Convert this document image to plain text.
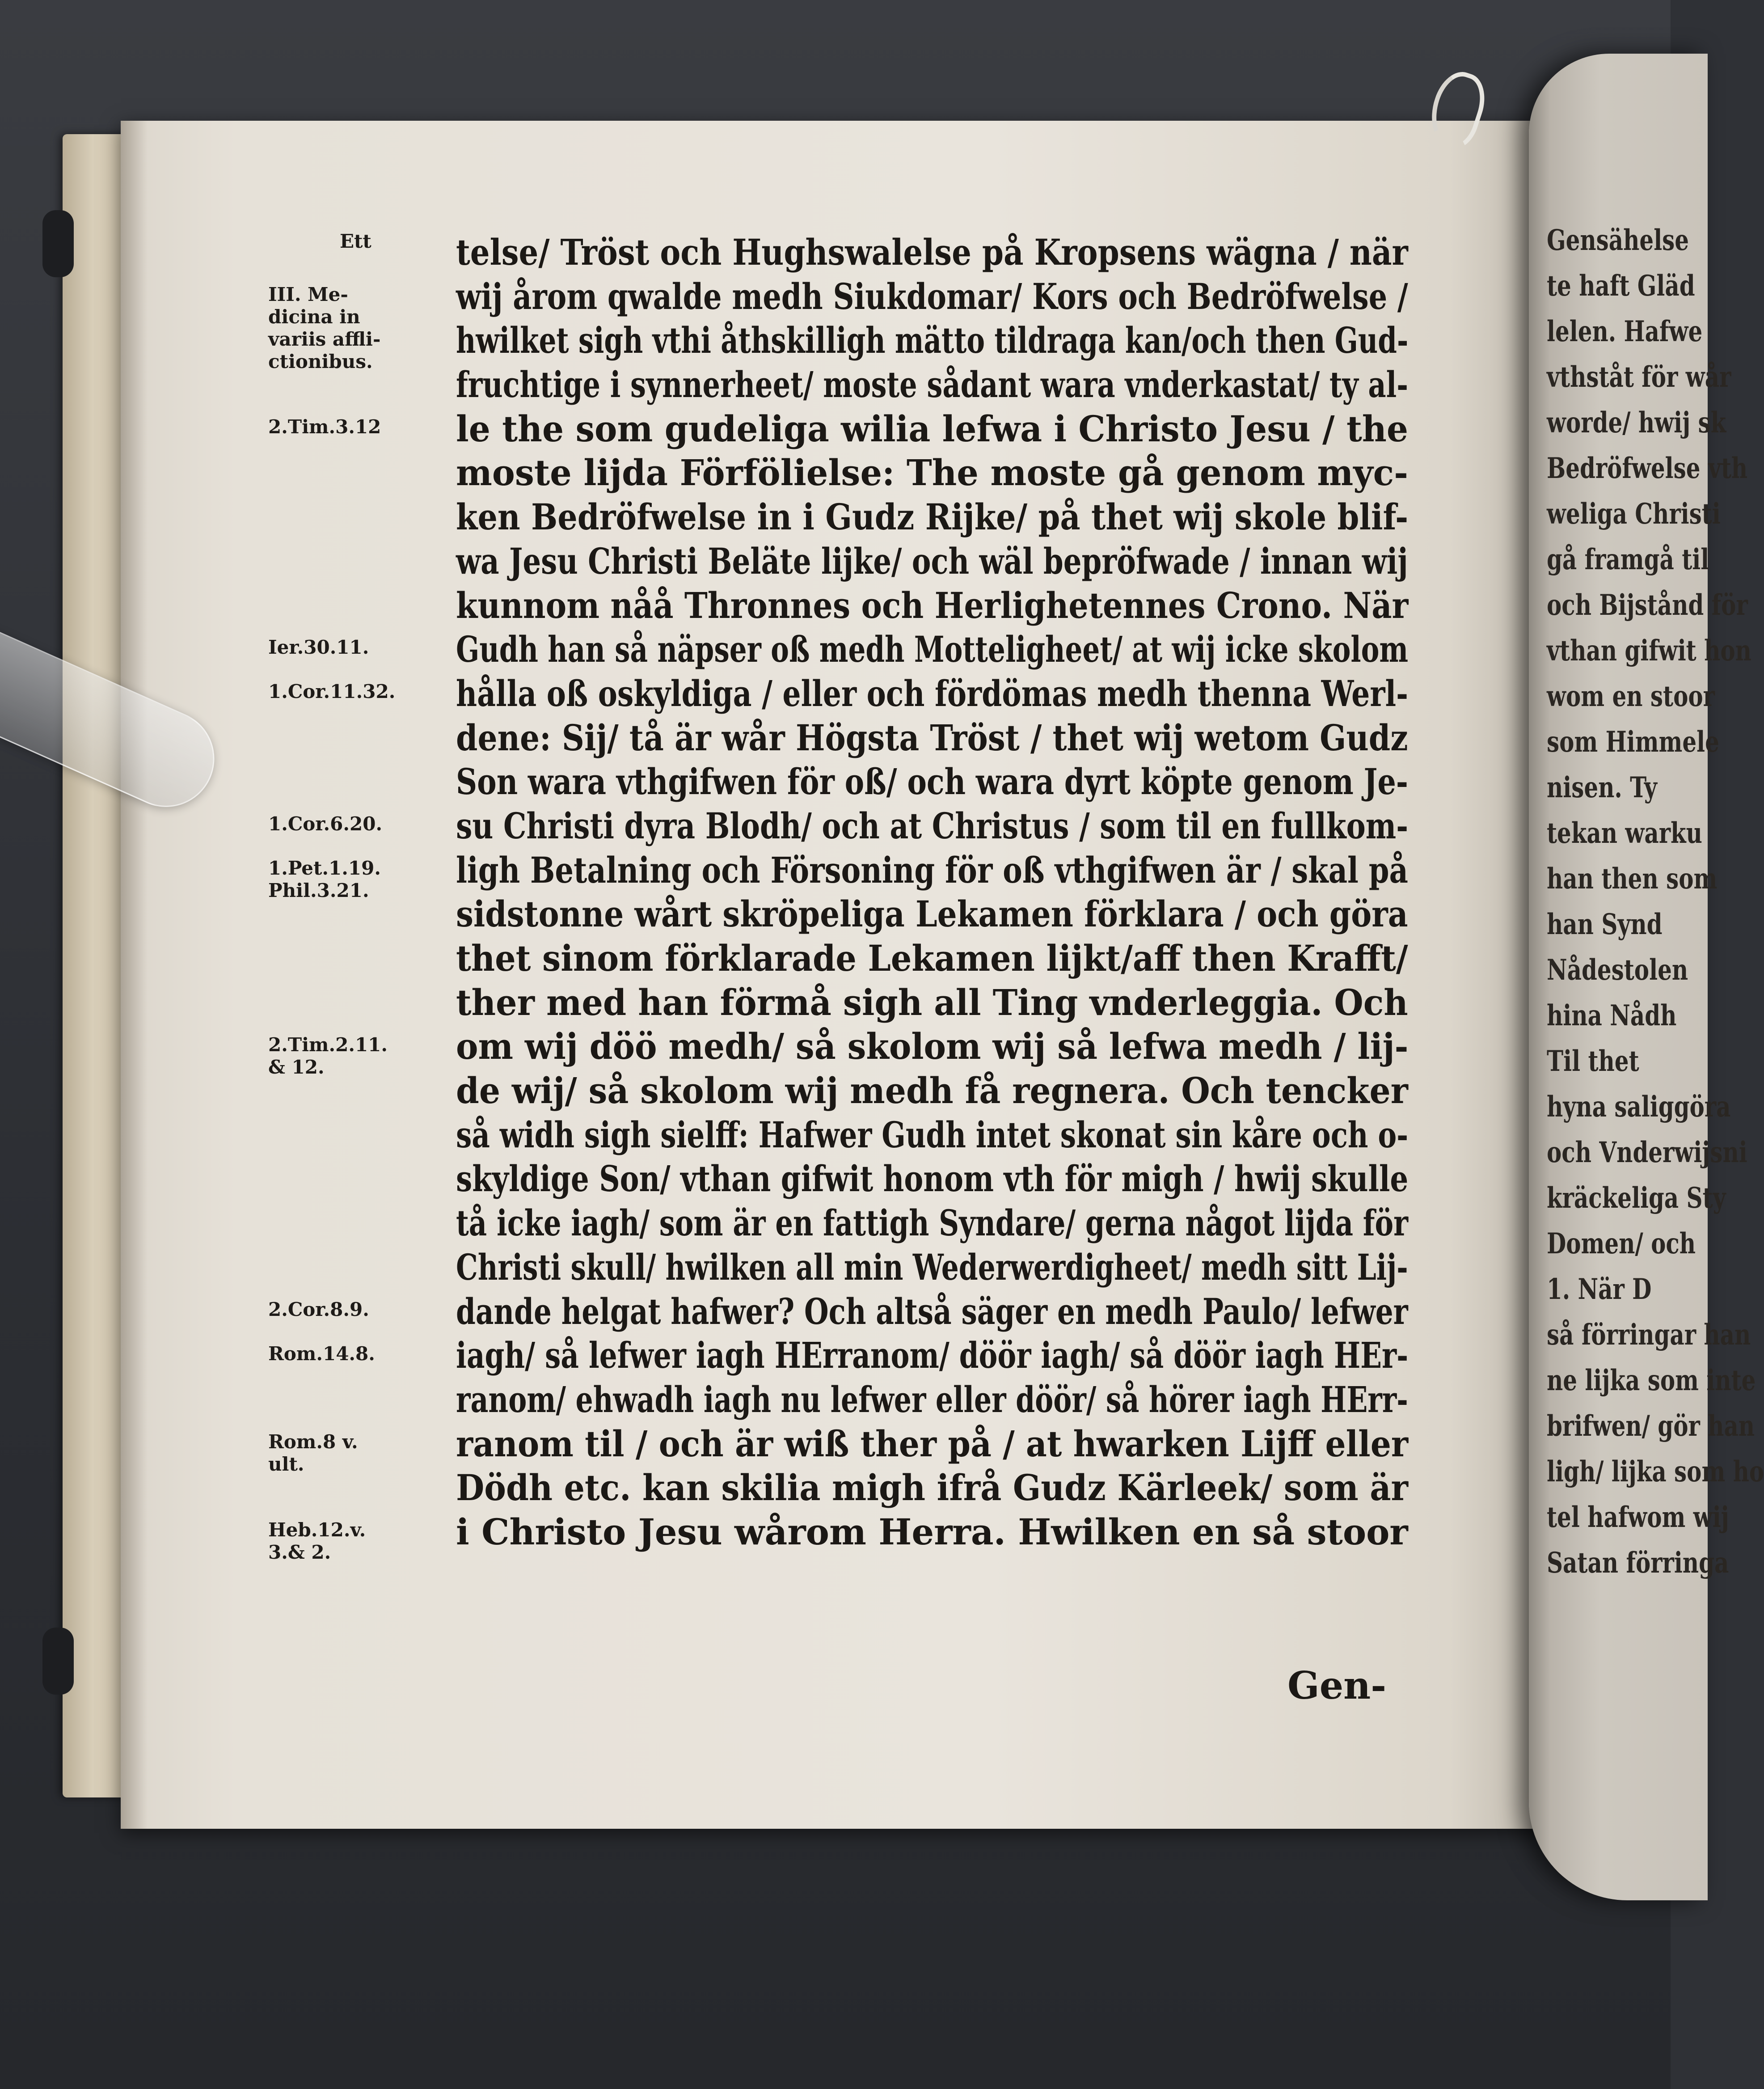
Gensähelse
te haft Gläd
lelen. Hafwe
vthståt för wår
worde/ hwij sk
Bedröfwelse vth
weliga Christi
gå framgå til
och Bijstånd för
vthan gifwit hon
wom en stoor
som Himmele
nisen. Ty
tekan warku
han then som
han Synd
Nådestolen
hina Nådh
Til thet
hyna saliggöra
och Vnderwijsni
kräckeliga Sty
Domen/ och
1. När D
så förringar han
ne lijka som inte
brifwen/ gör han
ligh/ lijka som ho
tel hafwom wij
Satan förringa
Ett
III. Me-
dicina in
variis affli-
ctionibus.
2.Tim.3.12
Ier.30.11.
1.Cor.11.32.
1.Cor.6.20.
1.Pet.1.19.
Phil.3.21.
2.Tim.2.11.
& 12.
2.Cor.8.9.
Rom.14.8.
Rom.8 v.
ult.
Heb.12.v.
3.& 2.
telse/ Tröst och Hughswalelse på Kropsens wägna / när
wij årom qwalde medh Siukdomar/ Kors och Bedröfwelse /
hwilket sigh vthi åthskilligh mätto tildraga kan/och then Gud-
fruchtige i synnerheet/ moste sådant wara vnderkastat/ ty al-
le the som gudeliga wilia lefwa i Christo Jesu / the
moste lijda Förfölielse: The moste gå genom myc-
ken Bedröfwelse in i Gudz Rijke/ på thet wij skole blif-
wa Jesu Christi Beläte lijke/ och wäl bepröfwade / innan wij
kunnom nåå Thronnes och Herlighetennes Crono. När
Gudh han så näpser oß medh Motteligheet/ at wij icke skolom
hålla oß oskyldiga / eller och fördömas medh thenna Werl-
dene: Sij/ tå är wår Högsta Tröst / thet wij wetom Gudz
Son wara vthgifwen för oß/ och wara dyrt köpte genom Je-
su Christi dyra Blodh/ och at Christus / som til en fullkom-
ligh Betalning och Försoning för oß vthgifwen är / skal på
sidstonne wårt skröpeliga Lekamen förklara / och göra
thet sinom förklarade Lekamen lijkt/aff then Krafft/
ther med han förmå sigh all Ting vnderleggia. Och
om wij döö medh/ så skolom wij så lefwa medh / lij-
de wij/ så skolom wij medh få regnera. Och tencker
så widh sigh sielff: Hafwer Gudh intet skonat sin kåre och o-
skyldige Son/ vthan gifwit honom vth för migh / hwij skulle
tå icke iagh/ som är en fattigh Syndare/ gerna något lijda för
Christi skull/ hwilken all min Wederwerdigheet/ medh sitt Lij-
dande helgat hafwer? Och altså säger en medh Paulo/ lefwer
iagh/ så lefwer iagh HErranom/ döör iagh/ så döör iagh HEr-
ranom/ ehwadh iagh nu lefwer eller döör/ så hörer iagh HErr-
ranom til / och är wiß ther på / at hwarken Lijff eller
Dödh etc. kan skilia migh ifrå Gudz Kärleek/ som är
i Christo Jesu wårom Herra. Hwilken en så stoor
Gen-
